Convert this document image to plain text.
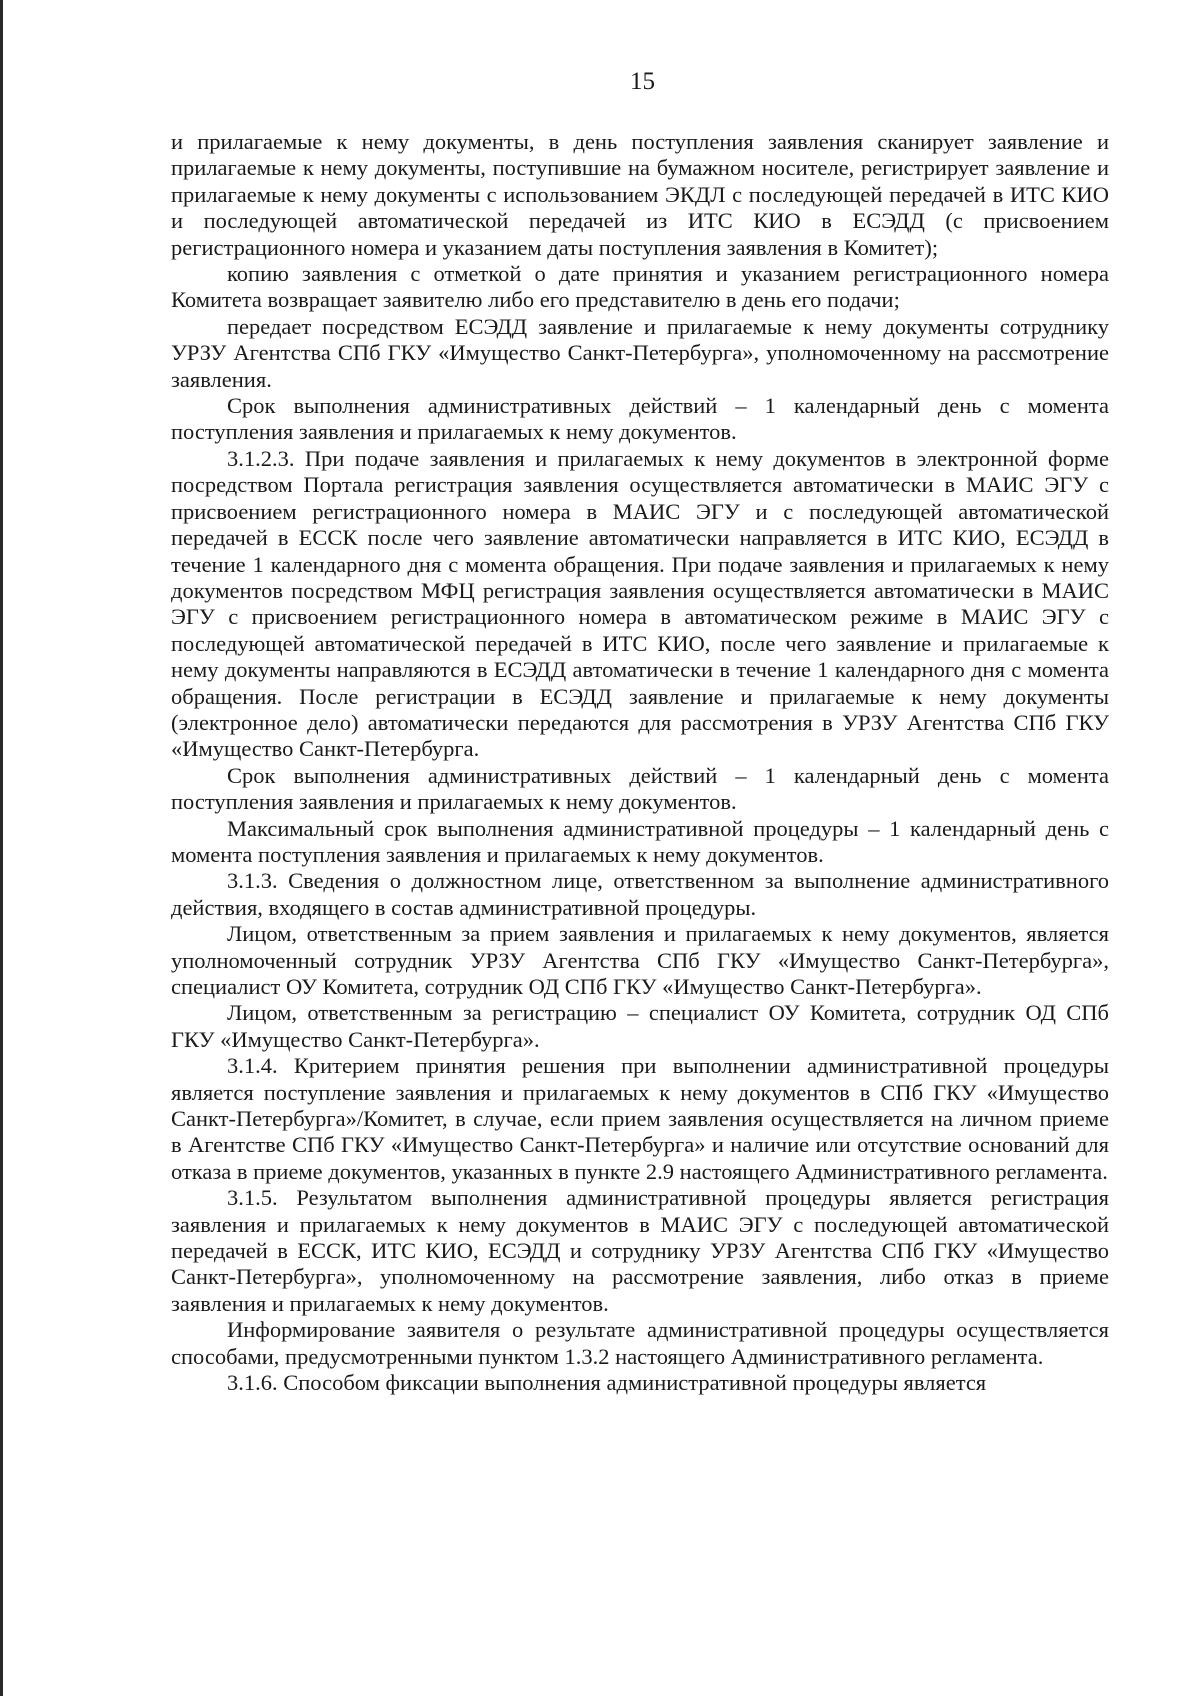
15

и прилагаемые к нему документы, в день поступления заявления сканирует заявление и прилагаемые к нему документы, поступившие на бумажном носителе, регистрирует заявление и прилагаемые к нему документы с использованием ЭКДЛ с последующей передачей в ИТС КИО и последующей автоматической передачей из ИТС КИО в ЕСЭДД (с присвоением регистрационного номера и указанием даты поступления заявления в Комитет);

копию заявления с отметкой о дате принятия и указанием регистрационного номера Комитета возвращает заявителю либо его представителю в день его подачи;

передает посредством ЕСЭДД заявление и прилагаемые к нему документы сотруднику УРЗУ Агентства СПб ГКУ «Имущество Санкт-Петербурга», уполномоченному на рассмотрение заявления.

Срок выполнения административных действий – 1 календарный день с момента поступления заявления и прилагаемых к нему документов.

3.1.2.3. При подаче заявления и прилагаемых к нему документов в электронной форме посредством Портала регистрация заявления осуществляется автоматически в МАИС ЭГУ с присвоением регистрационного номера в МАИС ЭГУ и с последующей автоматической передачей в ЕССК после чего заявление автоматически направляется в ИТС КИО, ЕСЭДД в течение 1 календарного дня с момента обращения. При подаче заявления и прилагаемых к нему документов посредством МФЦ регистрация заявления осуществляется автоматически в МАИС ЭГУ с присвоением регистрационного номера в автоматическом режиме в МАИС ЭГУ с последующей автоматической передачей в ИТС КИО, после чего заявление и прилагаемые к нему документы направляются в ЕСЭДД автоматически в течение 1 календарного дня с момента обращения. После регистрации в ЕСЭДД заявление и прилагаемые к нему документы (электронное дело) автоматически передаются для рассмотрения в УРЗУ Агентства СПб ГКУ «Имущество Санкт-Петербурга.

Срок выполнения административных действий – 1 календарный день с момента поступления заявления и прилагаемых к нему документов.

Максимальный срок выполнения административной процедуры – 1 календарный день с момента поступления заявления и прилагаемых к нему документов.

3.1.3. Сведения о должностном лице, ответственном за выполнение административного действия, входящего в состав административной процедуры.

Лицом, ответственным за прием заявления и прилагаемых к нему документов, является уполномоченный сотрудник УРЗУ Агентства СПб ГКУ «Имущество Санкт-Петербурга», специалист ОУ Комитета, сотрудник ОД СПб ГКУ «Имущество Санкт-Петербурга».

Лицом, ответственным за регистрацию – специалист ОУ Комитета, сотрудник ОД СПб ГКУ «Имущество Санкт-Петербурга».

3.1.4. Критерием принятия решения при выполнении административной процедуры является поступление заявления и прилагаемых к нему документов в СПб ГКУ «Имущество Санкт-Петербурга»/Комитет, в случае, если прием заявления осуществляется на личном приеме в Агентстве СПб ГКУ «Имущество Санкт-Петербурга» и наличие или отсутствие оснований для отказа в приеме документов, указанных в пункте 2.9 настоящего Административного регламента.

3.1.5. Результатом выполнения административной процедуры является регистрация заявления и прилагаемых к нему документов в МАИС ЭГУ с последующей автоматической передачей в ЕССК, ИТС КИО, ЕСЭДД и сотруднику УРЗУ Агентства СПб ГКУ «Имущество Санкт-Петербурга», уполномоченному на рассмотрение заявления, либо отказ в приеме заявления и прилагаемых к нему документов.

Информирование заявителя о результате административной процедуры осуществляется способами, предусмотренными пунктом 1.3.2 настоящего Административного регламента.

3.1.6. Способом фиксации выполнения административной процедуры является
